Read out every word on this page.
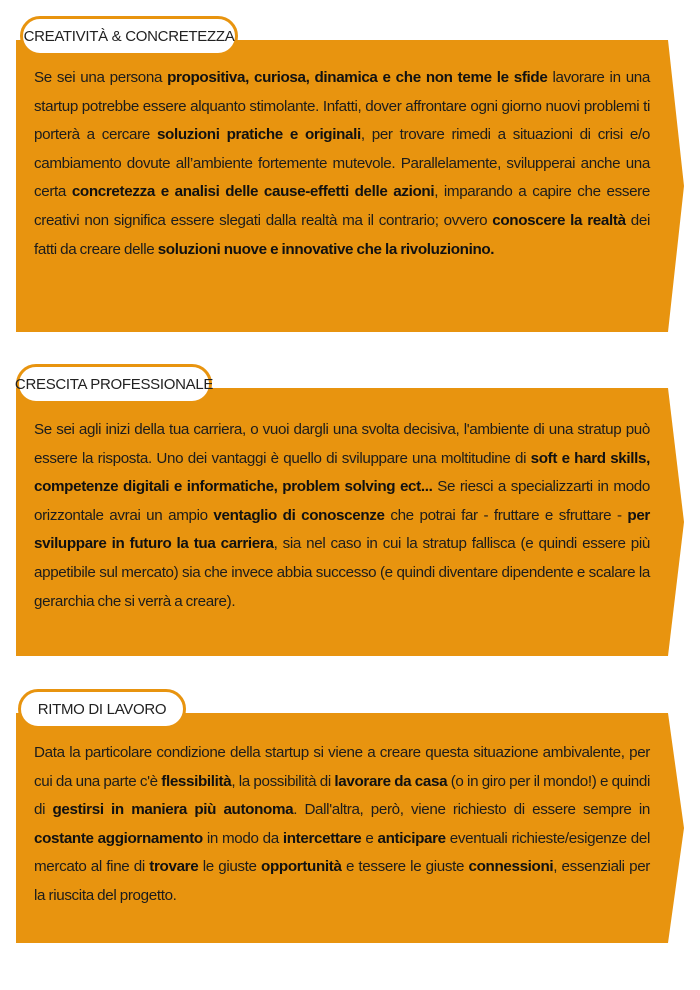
CREATIVITÀ & CONCRETEZZA
Se sei una persona propositiva, curiosa, dinamica e che non teme le sfide lavorare in una startup potrebbe essere alquanto stimolante. Infatti, dover affrontare ogni giorno nuovi problemi ti porterà a cercare soluzioni pratiche e originali, per trovare rimedi a situazioni di crisi e/o cambiamento dovute all’ambiente fortemente mutevole. Parallelamente, svilupperai anche una certa concretezza e analisi delle cause-effetti delle azioni, imparando a capire che essere creativi non significa essere slegati dalla realtà ma il contrario; ovvero conoscere la realtà dei fatti da creare delle soluzioni nuove e innovative che la rivoluzionino.
CRESCITA PROFESSIONALE
Se sei agli inizi della tua carriera, o vuoi dargli una svolta decisiva, l'ambiente di una stratup può essere la risposta. Uno dei vantaggi è quello di sviluppare una moltitudine di soft e hard skills, competenze digitali e informatiche, problem solving ect... Se riesci a specializzarti in modo orizzontale avrai un ampio ventaglio di conoscenze che potrai far - fruttare e sfruttare - per sviluppare in futuro la tua carriera, sia nel caso in cui la stratup fallisca (e quindi essere più appetibile sul mercato) sia che invece abbia successo (e quindi diventare dipendente e scalare la gerarchia che si verrà a creare).
RITMO DI LAVORO
Data la particolare condizione della startup si viene a creare questa situazione ambivalente, per cui da una parte c'è flessibilità, la possibilità di lavorare da casa (o in giro per il mondo!) e quindi di gestirsi in maniera più autonoma. Dall'altra, però, viene richiesto di essere sempre in costante aggiornamento in modo da intercettare e anticipare eventuali richieste/esigenze del mercato al fine di trovare le giuste opportunità e tessere le giuste connessioni, essenziali per la riuscita del progetto.
